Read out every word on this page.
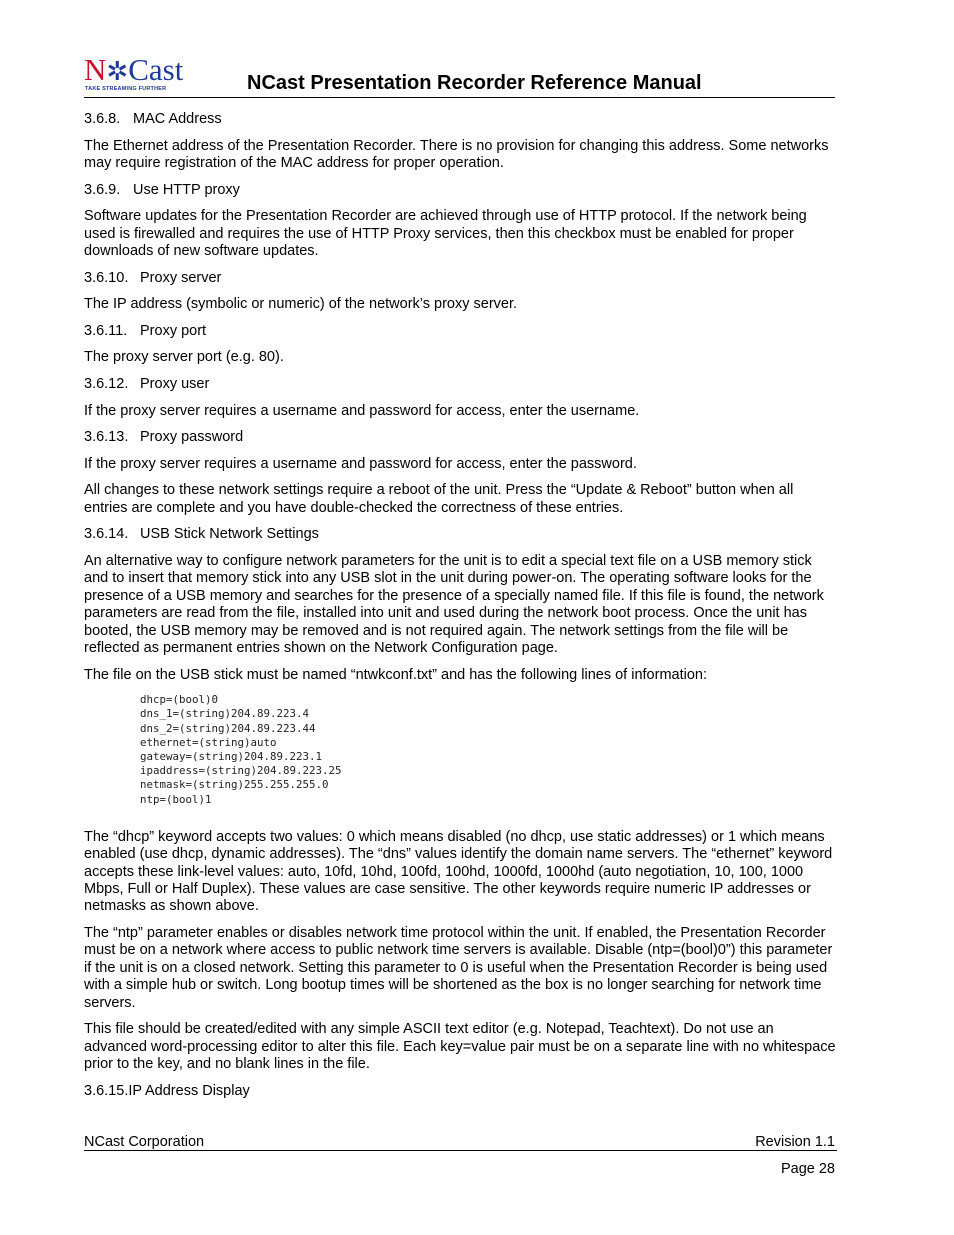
N✲Cast
TAKE STREAMING FURTHER	NCast Presentation Recorder Reference Manual
3.6.8. MAC Address

The Ethernet address of the Presentation Recorder. There is no provision for changing this address. Some networks may require registration of the MAC address for proper operation.

3.6.9. Use HTTP proxy

Software updates for the Presentation Recorder are achieved through use of HTTP protocol. If the network being used is firewalled and requires the use of HTTP Proxy services, then this checkbox must be enabled for proper downloads of new software updates.

3.6.10. Proxy server

The IP address (symbolic or numeric) of the network’s proxy server.

3.6.11. Proxy port

The proxy server port (e.g. 80).

3.6.12. Proxy user

If the proxy server requires a username and password for access, enter the username.

3.6.13. Proxy password

If the proxy server requires a username and password for access, enter the password.

All changes to these network settings require a reboot of the unit. Press the “Update & Reboot” button when all entries are complete and you have double-checked the correctness of these entries.

3.6.14. USB Stick Network Settings

An alternative way to configure network parameters for the unit is to edit a special text file on a USB memory stick and to insert that memory stick into any USB slot in the unit during power-on. The operating software looks for the presence of a USB memory and searches for the presence of a specially named file. If this file is found, the network parameters are read from the file, installed into unit and used during the network boot process. Once the unit has booted, the USB memory may be removed and is not required again. The network settings from the file will be reflected as permanent entries shown on the Network Configuration page.

The file on the USB stick must be named “ntwkconf.txt” and has the following lines of information:

dhcp=(bool)0
dns_1=(string)204.89.223.4
dns_2=(string)204.89.223.44
ethernet=(string)auto
gateway=(string)204.89.223.1
ipaddress=(string)204.89.223.25
netmask=(string)255.255.255.0
ntp=(bool)1

The “dhcp” keyword accepts two values: 0 which means disabled (no dhcp, use static addresses) or 1 which means enabled (use dhcp, dynamic addresses). The “dns” values identify the domain name servers. The “ethernet” keyword accepts these link-level values: auto, 10fd, 10hd, 100fd, 100hd, 1000fd, 1000hd (auto negotiation, 10, 100, 1000 Mbps, Full or Half Duplex). These values are case sensitive. The other keywords require numeric IP addresses or netmasks as shown above.

The “ntp” parameter enables or disables network time protocol within the unit. If enabled, the Presentation Recorder must be on a network where access to public network time servers is available. Disable (ntp=(bool)0”) this parameter if the unit is on a closed network. Setting this parameter to 0 is useful when the Presentation Recorder is being used with a simple hub or switch. Long bootup times will be shortened as the box is no longer searching for network time servers.

This file should be created/edited with any simple ASCII text editor (e.g. Notepad, Teachtext). Do not use an advanced word-processing editor to alter this file. Each key=value pair must be on a separate line with no whitespace prior to the key, and no blank lines in the file.

3.6.15.IP Address Display
NCast Corporation	Revision 1.1
Page 28
